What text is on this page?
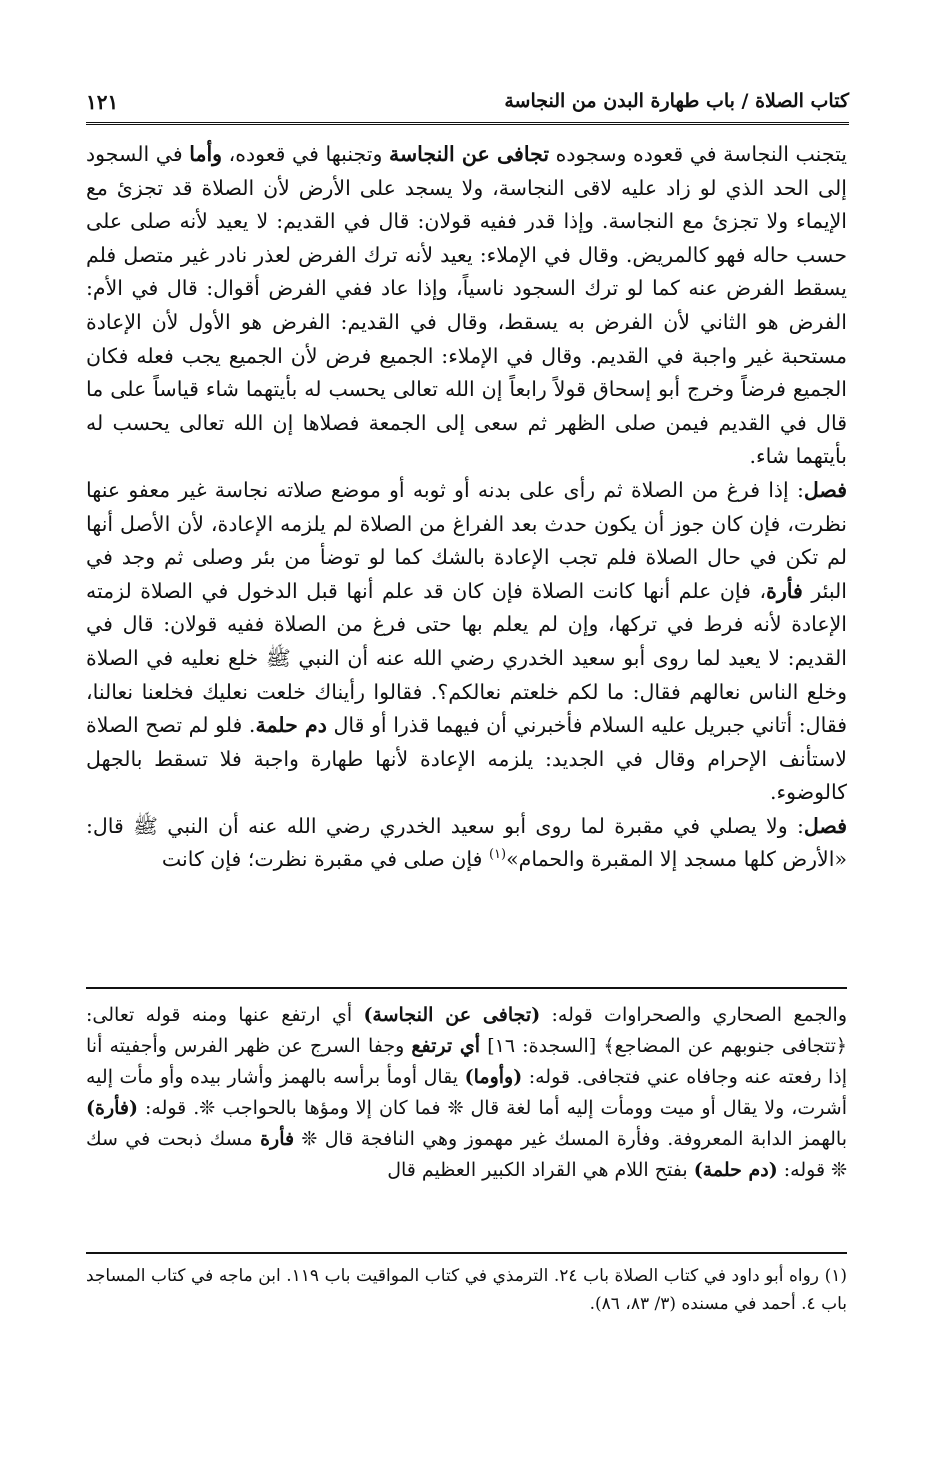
كتاب الصلاة / باب طهارة البدن من النجاسة
١٢١

يتجنب النجاسة في قعوده وسجوده تجافى عن النجاسة وتجنبها في قعوده، وأما في السجود إلى الحد الذي لو زاد عليه لاقى النجاسة، ولا يسجد على الأرض لأن الصلاة قد تجزئ مع الإيماء ولا تجزئ مع النجاسة. وإذا قدر ففيه قولان: قال في القديم: لا يعيد لأنه صلى على حسب حاله فهو كالمريض. وقال في الإملاء: يعيد لأنه ترك الفرض لعذر نادر غير متصل فلم يسقط الفرض عنه كما لو ترك السجود ناسياً، وإذا عاد ففي الفرض أقوال: قال في الأم: الفرض هو الثاني لأن الفرض به يسقط، وقال في القديم: الفرض هو الأول لأن الإعادة مستحبة غير واجبة في القديم. وقال في الإملاء: الجميع فرض لأن الجميع يجب فعله فكان الجميع فرضاً وخرج أبو إسحاق قولاً رابعاً إن الله تعالى يحسب له بأيتهما شاء قياساً على ما قال في القديم فيمن صلى الظهر ثم سعى إلى الجمعة فصلاها إن الله تعالى يحسب له بأيتهما شاء.

فصل: إذا فرغ من الصلاة ثم رأى على بدنه أو ثوبه أو موضع صلاته نجاسة غير معفو عنها نظرت، فإن كان جوز أن يكون حدث بعد الفراغ من الصلاة لم يلزمه الإعادة، لأن الأصل أنها لم تكن في حال الصلاة فلم تجب الإعادة بالشك كما لو توضأ من بئر وصلى ثم وجد في البئر فأرة، فإن علم أنها كانت الصلاة فإن كان قد علم أنها قبل الدخول في الصلاة لزمته الإعادة لأنه فرط في تركها، وإن لم يعلم بها حتى فرغ من الصلاة ففيه قولان: قال في القديم: لا يعيد لما روى أبو سعيد الخدري رضي الله عنه أن النبي ﷺ خلع نعليه في الصلاة وخلع الناس نعالهم فقال: ما لكم خلعتم نعالكم؟. فقالوا رأيناك خلعت نعليك فخلعنا نعالنا، فقال: أتاني جبريل عليه السلام فأخبرني أن فيهما قذرا أو قال دم حلمة. فلو لم تصح الصلاة لاستأنف الإحرام وقال في الجديد: يلزمه الإعادة لأنها طهارة واجبة فلا تسقط بالجهل كالوضوء.

فصل: ولا يصلي في مقبرة لما روى أبو سعيد الخدري رضي الله عنه أن النبي ﷺ قال: «الأرض كلها مسجد إلا المقبرة والحمام»$^{(١)}$ فإن صلى في مقبرة نظرت؛ فإن كانت

والجمع الصحاري والصحراوات قوله: (تجافى عن النجاسة) أي ارتفع عنها ومنه قوله تعالى: ﴿تتجافى جنوبهم عن المضاجع﴾ [السجدة: ١٦] أي ترتفع وجفا السرج عن ظهر الفرس وأجفيته أنا إذا رفعته عنه وجافاه عني فتجافى. قوله: (وأوما) يقال أومأ برأسه بالهمز وأشار بيده وأو مأت إليه أشرت، ولا يقال أو ميت وومأت إليه أما لغة قال ❊ فما كان إلا ومؤها بالحواجب ❊. قوله: (فأرة) بالهمز الدابة المعروفة. وفأرة المسك غير مهموز وهي النافجة قال ❊ فأرة مسك ذبحت في سك ❊ قوله: (دم حلمة) بفتح اللام هي القراد الكبير العظيم قال

(١) رواه أبو داود في كتاب الصلاة باب ٢٤. الترمذي في كتاب المواقيت باب ١١٩. ابن ماجه في كتاب المساجد باب ٤. أحمد في مسنده (٣/ ٨٣، ٨٦).
